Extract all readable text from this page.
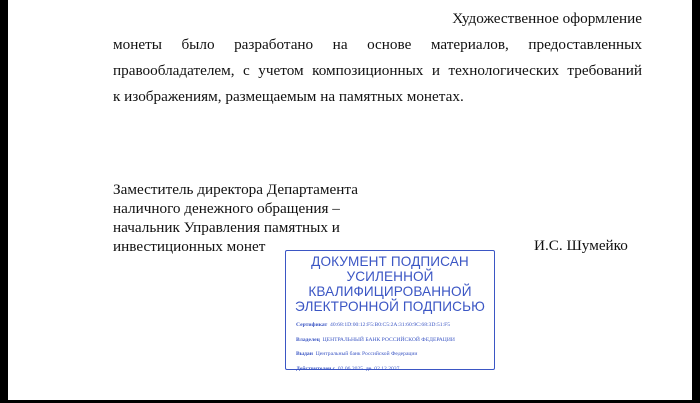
Художественное оформление
монеты было разработано на основе материалов, предоставленных
правообладателем, с учетом композиционных и технологических требований
к изображениям, размещаемым на памятных монетах.
Заместитель директора Департамента
наличного денежного обращения –
начальник Управления памятных и
инвестиционных монет	И.С. Шумейко
ДОКУМЕНТ ПОДПИСАН
УСИЛЕННОЙ
КВАЛИФИЦИРОВАННОЙ
ЭЛЕКТРОННОЙ ПОДПИСЬЮ
Сертификат 40:68:1D:00:12:F5:B0:C5:2A:31:60:9C:68:3D:51:F5
Владелец ЦЕНТРАЛЬНЫЙ БАНК РОССИЙСКОЙ ФЕДЕРАЦИИ
Выдан Центральный банк Российской Федерации
Действителен с 02.06.2025 до 02.12.2037
